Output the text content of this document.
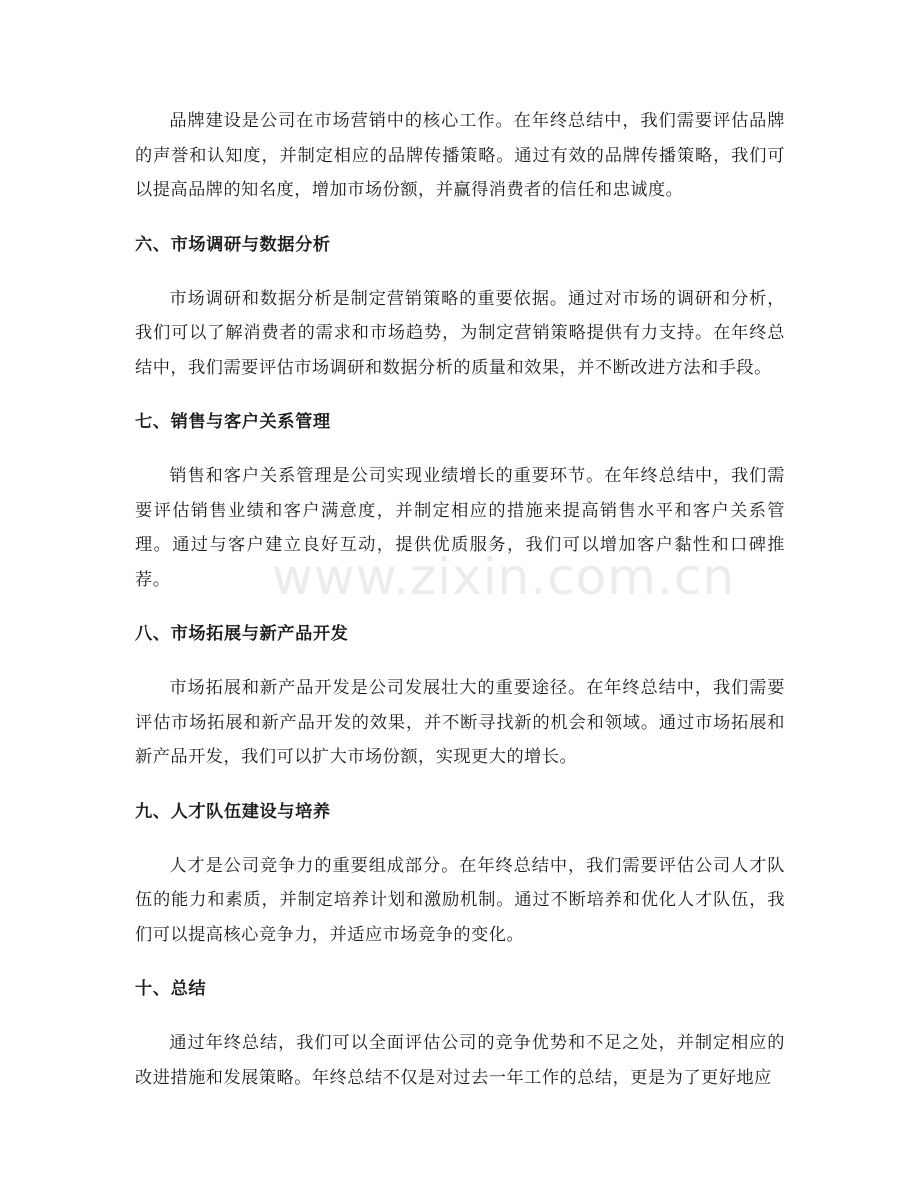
品牌建设是公司在市场营销中的核心工作。在年终总结中，我们需要评估品牌的声誉和认知度，并制定相应的品牌传播策略。通过有效的品牌传播策略，我们可以提高品牌的知名度，增加市场份额，并赢得消费者的信任和忠诚度。

六、市场调研与数据分析

市场调研和数据分析是制定营销策略的重要依据。通过对市场的调研和分析，我们可以了解消费者的需求和市场趋势，为制定营销策略提供有力支持。在年终总结中，我们需要评估市场调研和数据分析的质量和效果，并不断改进方法和手段。

七、销售与客户关系管理

销售和客户关系管理是公司实现业绩增长的重要环节。在年终总结中，我们需要评估销售业绩和客户满意度，并制定相应的措施来提高销售水平和客户关系管理。通过与客户建立良好互动，提供优质服务，我们可以增加客户黏性和口碑推荐。

八、市场拓展与新产品开发

市场拓展和新产品开发是公司发展壮大的重要途径。在年终总结中，我们需要评估市场拓展和新产品开发的效果，并不断寻找新的机会和领域。通过市场拓展和新产品开发，我们可以扩大市场份额，实现更大的增长。

九、人才队伍建设与培养

人才是公司竞争力的重要组成部分。在年终总结中，我们需要评估公司人才队伍的能力和素质，并制定培养计划和激励机制。通过不断培养和优化人才队伍，我们可以提高核心竞争力，并适应市场竞争的变化。

十、总结

通过年终总结，我们可以全面评估公司的竞争优势和不足之处，并制定相应的改进措施和发展策略。年终总结不仅是对过去一年工作的总结，更是为了更好地应

www.zixin.com.cn
